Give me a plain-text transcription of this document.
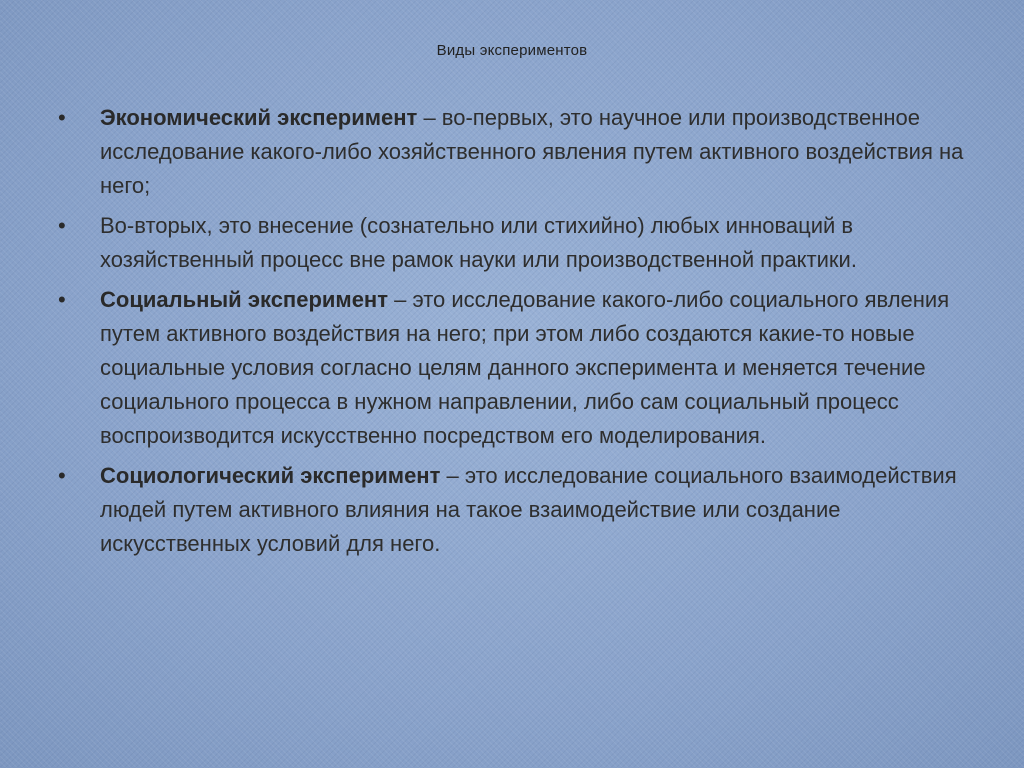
Виды экспериментов
• Экономический эксперимент – во-первых, это научное или производственное исследование какого-либо хозяйственного явления путем активного воздействия на него;
• Во-вторых, это внесение (сознательно или стихийно) любых инноваций в хозяйственный процесс вне рамок науки или производственной практики.
• Социальный эксперимент – это исследование какого-либо социального явления путем активного воздействия на него; при этом либо создаются какие-то новые социальные условия согласно целям данного эксперимента и меняется течение социального процесса в нужном направлении, либо сам социальный процесс воспроизводится искусственно посредством его моделирования.
• Социологический эксперимент – это исследование социального взаимодействия людей путем активного влияния на такое взаимодействие или создание искусственных условий для него.
